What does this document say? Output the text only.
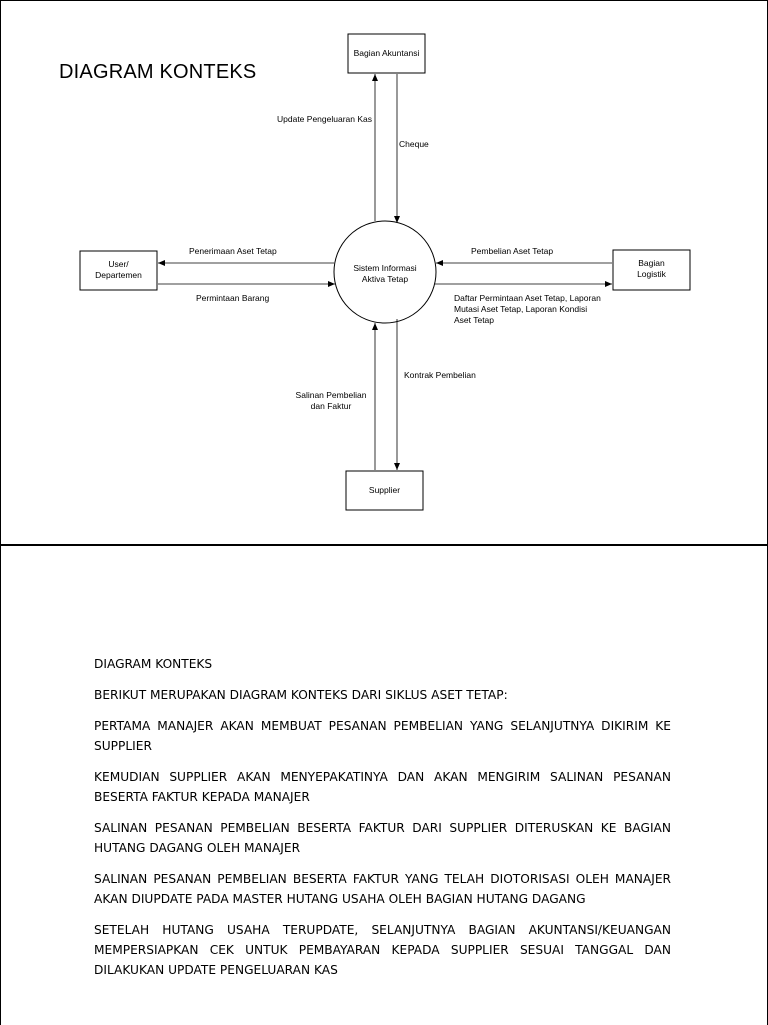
DIAGRAM KONTEKS
Sistem Informasi
Aktiva Tetap
Bagian Akuntansi
User/
Departemen
Bagian
Logistik
Supplier
Update Pengeluaran Kas
Cheque
Penerimaan Aset Tetap
Permintaan Barang
Pembelian Aset Tetap
Daftar Permintaan Aset Tetap, Laporan
Mutasi Aset Tetap, Laporan Kondisi
Aset Tetap
Kontrak Pembelian
Salinan Pembelian
dan Faktur

DIAGRAM KONTEKS

BERIKUT MERUPAKAN DIAGRAM KONTEKS DARI SIKLUS ASET TETAP:

PERTAMA MANAJER AKAN MEMBUAT PESANAN PEMBELIAN YANG SELANJUTNYA DIKIRIM KE SUPPLIER

KEMUDIAN SUPPLIER AKAN MENYEPAKATINYA DAN AKAN MENGIRIM SALINAN PESANAN BESERTA FAKTUR KEPADA MANAJER

SALINAN PESANAN PEMBELIAN BESERTA FAKTUR DARI SUPPLIER DITERUSKAN KE BAGIAN HUTANG DAGANG OLEH MANAJER

SALINAN PESANAN PEMBELIAN BESERTA FAKTUR YANG TELAH DIOTORISASI OLEH MANAJER AKAN DIUPDATE PADA MASTER HUTANG USAHA OLEH BAGIAN HUTANG DAGANG

SETELAH HUTANG USAHA TERUPDATE, SELANJUTNYA BAGIAN AKUNTANSI/KEUANGAN MEMPERSIAPKAN CEK UNTUK PEMBAYARAN KEPADA SUPPLIER SESUAI TANGGAL DAN DILAKUKAN UPDATE PENGELUARAN KAS
